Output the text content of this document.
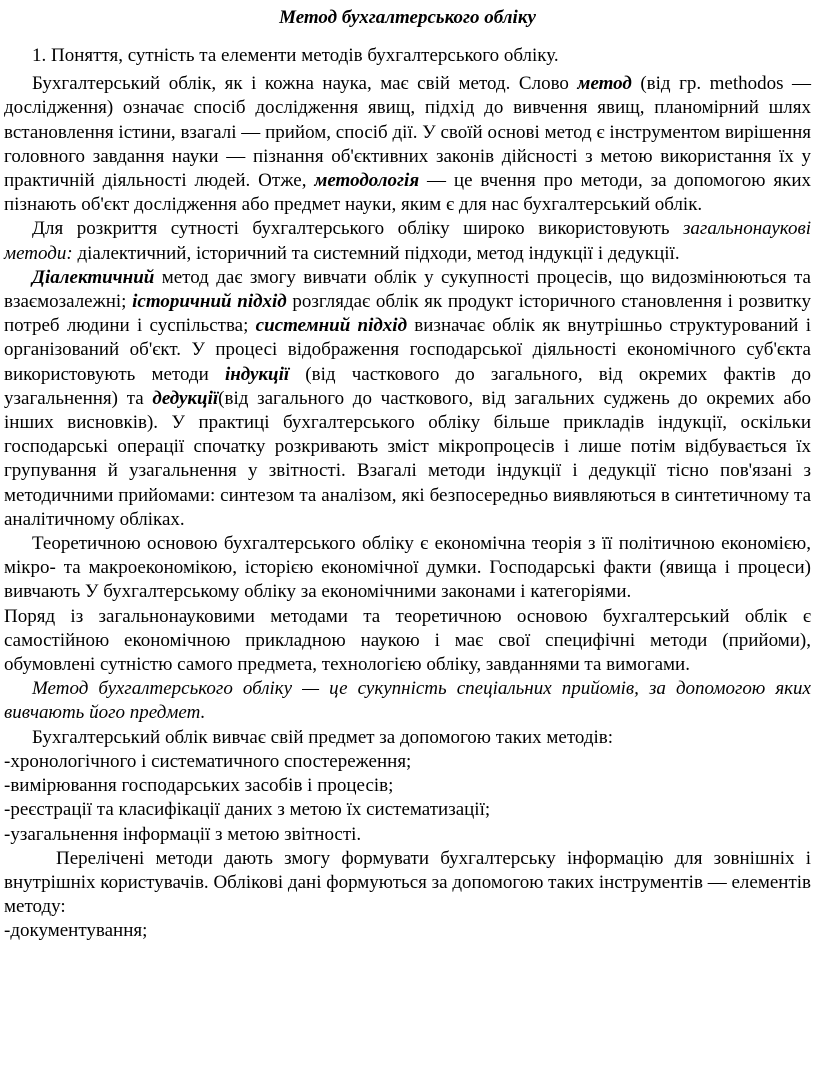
Метод бухгалтерського обліку

1. Поняття, сутність та елементи методів бухгалтерського обліку.

Бухгалтерський облік, як і кожна наука, має свій метод. Слово метод (від гр. methodos — дослідження) означає спосіб дослідження явищ, підхід до вивчення явищ, планомірний шлях встановлення істини, взагалі — прийом, спосіб дії. У своїй основі метод є інструментом вирішення головного завдання науки — пізнання об'єктивних законів дійсності з метою використання їх у практичній діяльності людей. Отже, методологія — це вчення про методи, за допомогою яких пізнають об'єкт дослідження або предмет науки, яким є для нас бухгалтерський облік.

Для розкриття сутності бухгалтерського обліку широко використовують загальнонаукові методи: діалектичний, історичний та системний підходи, метод індукції і дедукції.

Діалектичний метод дає змогу вивчати облік у сукупності процесів, що видозмінюються та взаємозалежні; історичний підхід розглядає облік як продукт історичного становлення і розвитку потреб людини і суспільства; системний підхід визначає облік як внутрішньо структурований і організований об'єкт. У процесі відображення господарської діяльності економічного суб'єкта використовують методи індукції (від часткового до загального, від окремих фактів до узагальнення) та дедукції(від загального до часткового, від загальних суджень до окремих або інших висновків). У практиці бухгалтерського обліку більше прикладів індукції, оскільки господарські операції спочатку розкривають зміст мікропроцесів і лише потім відбувається їх групування й узагальнення у звітності. Взагалі методи індукції і дедукції тісно пов'язані з методичними прийомами: синтезом та аналізом, які безпосередньо виявляються в синтетичному та аналітичному обліках.

Теоретичною основою бухгалтерського обліку є економічна теорія з її політичною економією, мікро- та макроекономікою, історією економічної думки. Господарські факти (явища і процеси) вивчають У бухгалтерському обліку за економічними законами і категоріями.

Поряд із загальнонауковими методами та теоретичною основою бухгалтерський облік є самостійною економічною прикладною наукою і має свої специфічні методи (прийоми), обумовлені сутністю самого предмета, технологією обліку, завданнями та вимогами.

Метод бухгалтерського обліку — це сукупність спеціальних прийомів, за допомогою яких вивчають його предмет.

Бухгалтерський облік вивчає свій предмет за допомогою таких методів:

-хронологічного і систематичного спостереження;

-вимірювання господарських засобів і процесів;

-реєстрації та класифікації даних з метою їх систематизації;

-узагальнення інформації з метою звітності.

Перелічені методи дають змогу формувати бухгалтерську інформацію для зовнішніх і внутрішніх користувачів. Облікові дані формуються за допомогою таких інструментів — елементів методу:

-документування;
